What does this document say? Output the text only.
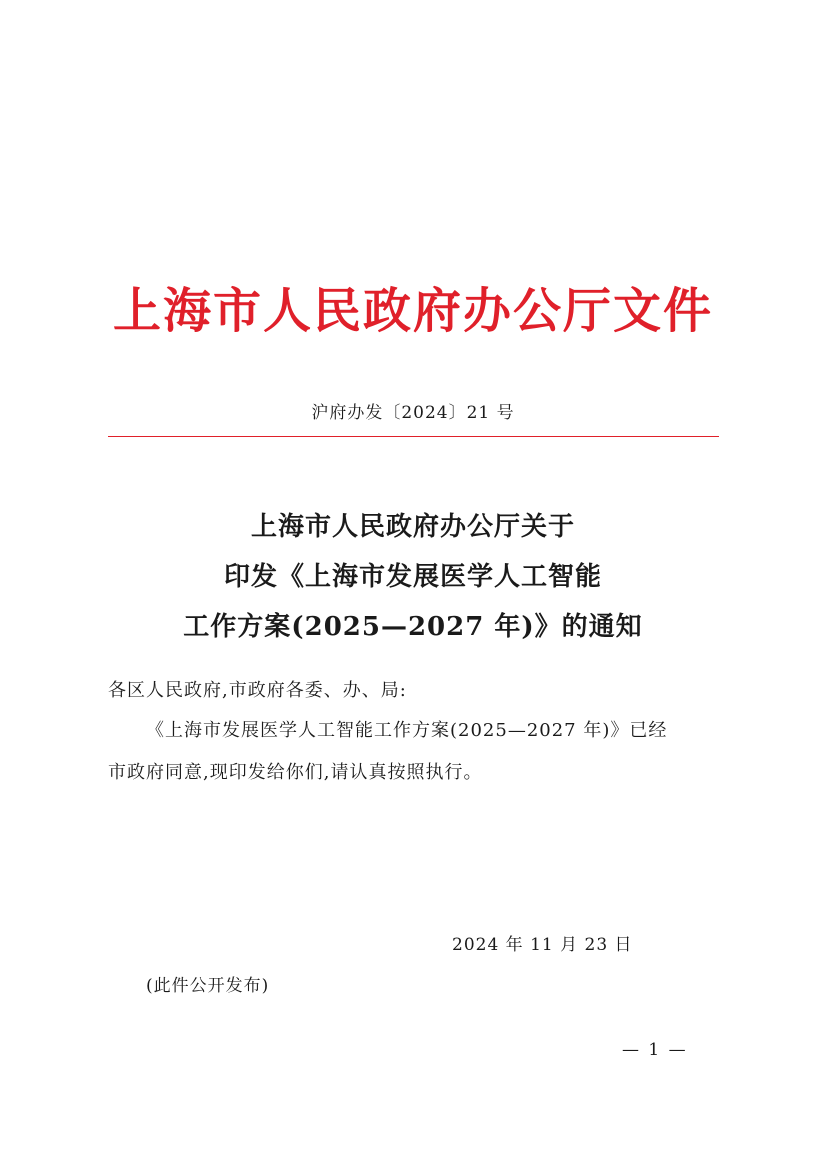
上海市人民政府办公厅文件
沪府办发〔2024〕21 号
上海市人民政府办公厅关于
印发《上海市发展医学人工智能
工作方案(2025—2027 年)》的通知
各区人民政府,市政府各委、办、局:
《上海市发展医学人工智能工作方案(2025—2027 年)》已经
市政府同意,现印发给你们,请认真按照执行。
2024 年 11 月 23 日
(此件公开发布)
— 1 —
